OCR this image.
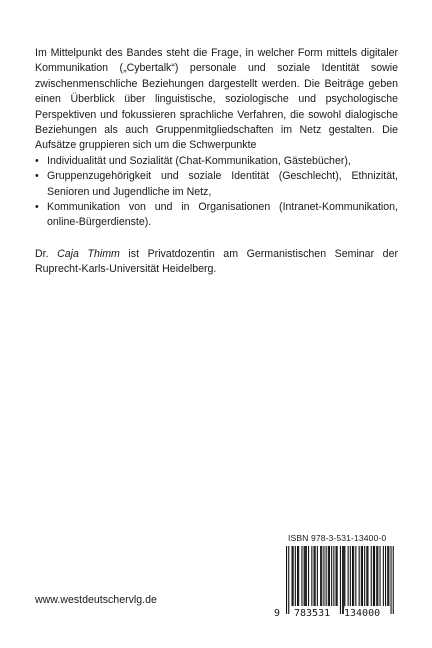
Im Mittelpunkt des Bandes steht die Frage, in welcher Form mittels digitaler Kommunikation („Cybertalk“) personale und soziale Identität sowie zwischenmenschliche Beziehungen dargestellt werden. Die Beiträge geben einen Überblick über linguistische, soziologische und psychologische Perspektiven und fokussieren sprachliche Verfahren, die sowohl dialogische Beziehungen als auch Gruppenmitgliedschaften im Netz gestalten. Die Aufsätze gruppieren sich um die Schwerpunkte

• Individualität und Sozialität (Chat-Kommunikation, Gästebücher),
• Gruppenzugehörigkeit und soziale Identität (Geschlecht), Ethnizität, Senioren und Jugendliche im Netz,
• Kommunikation von und in Organisationen (Intranet-Kommunikation, online-Bürgerdienste).

Dr. Caja Thimm ist Privatdozentin am Germanistischen Seminar der Ruprecht-Karls-Universität Heidelberg.

ISBN 978-3-531-13400-0
9 783531 134000
www.westdeutschervlg.de
